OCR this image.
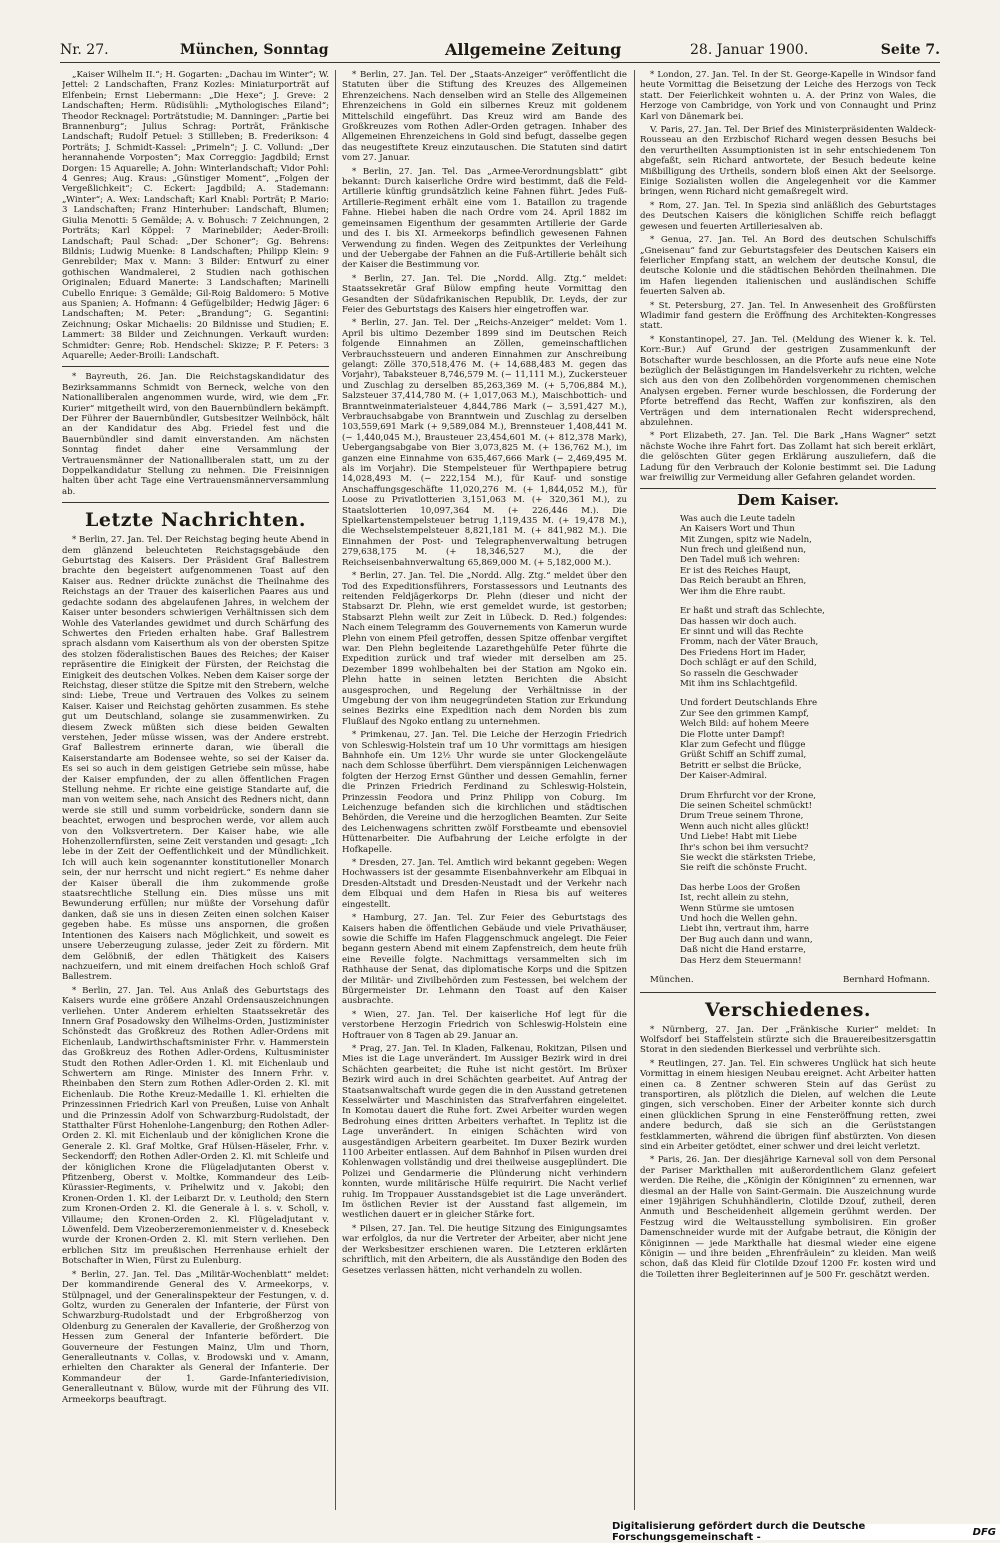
Nr. 27.	München, Sonntag	Allgemeine Zeitung	28. Januar 1900.	Seite 7.

„Kaiser Wilhelm II.“; H. Gogarten: „Dachau im Winter“; W. Jettel: 2 Landschaften, Franz Kozles: Miniaturporträt auf Elfenbein; Ernst Liebermann: „Die Hexe“; J. Greve: 2 Landschaften; Herm. Rüdisühli: „Mythologisches Eiland“; Theodor Recknagel: Porträtstudie; M. Danninger: „Partie bei Brannenburg“; Julius Schrag: Porträt, Fränkische Landschaft; Rudolf Petuel: 3 Stillleben; B. Frederikson: 4 Porträts; J. Schmidt-Kassel: „Primeln“; J. C. Vollund: „Der herannahende Vorposten“; Max Correggio: Jagdbild; Ernst Dorgen: 15 Aquarelle; A. John: Winterlandschaft; Vidor Pohl: 4 Genres; Aug. Kraus: „Günstiger Moment“, „Folgen der Vergeßlichkeit“; C. Eckert: Jagdbild; A. Stademann: „Winter“; A. Wex: Landschaft; Karl Knabl: Porträt; P. Mario: 3 Landschaften; Franz Hinterhuber: Landschaft, Blumen; Giulia Menotti: 5 Gemälde; A. v. Bohusch: 7 Zeichnungen, 2 Porträts; Karl Köppel: 7 Marinebilder; Aeder-Broili: Landschaft; Paul Schad: „Der Schoner“; Gg. Behrens: Bildnis; Ludwig Muenke: 8 Landschaften; Philipp Klein: 9 Genrebilder; Max v. Mann: 3 Bilder: Entwurf zu einer gothischen Wandmalerei, 2 Studien nach gothischen Originalen; Eduard Manerte: 3 Landschaften; Marinelli Cubello Enrique: 3 Gemälde; Gil-Roig Baldomero: 5 Motive aus Spanien; A. Hofmann: 4 Gefügelbilder; Hedwig Jäger: 6 Landschaften; M. Peter: „Brandung“; G. Segantini: Zeichnung; Oskar Michaelis: 20 Bildnisse und Studien; E. Lammert: 38 Bilder und Zeichnungen. Verkauft wurden: Schmidter: Genre; Rob. Hendschel: Skizze; P. F. Peters: 3 Aquarelle; Aeder-Broili: Landschaft.

* Bayreuth, 26. Jan. Die Reichstagskandidatur des Bezirksammanns Schmidt von Berneck, welche von den Nationalliberalen angenommen wurde, wird, wie dem „Fr. Kurier“ mitgetheilt wird, von den Bauernbündlern bekämpft. Der Führer der Bauernbündler, Gutsbesitzer Weilnböck, hält an der Kandidatur des Abg. Friedel fest und die Bauernbündler sind damit einverstanden. Am nächsten Sonntag findet daher eine Versammlung der Vertrauensmänner der Nationalliberalen statt, um zu der Doppelkandidatur Stellung zu nehmen. Die Freisinnigen halten über acht Tage eine Vertrauensmännerversammlung ab.

Letzte Nachrichten.

* Berlin, 27. Jan. Tel. Der Reichstag beging heute Abend in dem glänzend beleuchteten Reichstagsgebäude den Geburtstag des Kaisers. Der Präsident Graf Ballestrem brachte den begeistert aufgenommenen Toast auf den Kaiser aus. Redner drückte zunächst die Theilnahme des Reichstags an der Trauer des kaiserlichen Paares aus und gedachte sodann des abgelaufenen Jahres, in welchem der Kaiser unter besonders schwierigen Verhältnissen sich dem Wohle des Vaterlandes gewidmet und durch Schärfung des Schwertes den Frieden erhalten habe. Graf Ballestrem sprach alsdann vom Kaiserthum als von der obersten Spitze des stolzen föderalistischen Baues des Reiches; der Kaiser repräsentire die Einigkeit der Fürsten, der Reichstag die Einigkeit des deutschen Volkes. Neben dem Kaiser sorge der Reichstag, dieser stütze die Spitze mit den Strebern, welche sind: Liebe, Treue und Vertrauen des Volkes zu seinem Kaiser. Kaiser und Reichstag gehörten zusammen. Es stehe gut um Deutschland, solange sie zusammenwirken. Zu diesem Zweck müßten sich diese beiden Gewalten verstehen, Jeder müsse wissen, was der Andere erstrebt. Graf Ballestrem erinnerte daran, wie überall die Kaiserstandarte am Bodensee wehte, so sei der Kaiser da. Es sei so auch in dem geistigen Getriebe sein müsse, habe der Kaiser empfunden, der zu allen öffentlichen Fragen Stellung nehme. Er richte eine geistige Standarte auf, die man von weitem sehe, nach Ansicht des Redners nicht, dann werde sie still und summ vorbeidrücke, sondern dann sie beachtet, erwogen und besprochen werde, vor allem auch von den Volksvertretern. Der Kaiser habe, wie alle Hohenzollernfürsten, seine Zeit verstanden und gesagt: „Ich lebe in der Zeit der Oeffentlichkeit und der Mündlichkeit. Ich will auch kein sogenannter konstitutioneller Monarch sein, der nur herrscht und nicht regiert.“ Es nehme daher der Kaiser überall die ihm zukommende große staatsrechtliche Stellung ein. Dies müsse uns mit Bewunderung erfüllen; nur müßte der Vorsehung dafür danken, daß sie uns in diesen Zeiten einen solchen Kaiser gegeben habe. Es müsse uns anspornen, die großen Intentionen des Kaisers nach Möglichkeit, und soweit es unsere Ueberzeugung zulasse, jeder Zeit zu fördern. Mit dem Gelöbniß, der edlen Thätigkeit des Kaisers nachzueifern, und mit einem dreifachen Hoch schloß Graf Ballestrem.

* Berlin, 27. Jan. Tel. Aus Anlaß des Geburtstags des Kaisers wurde eine größere Anzahl Ordensauszeichnungen verliehen. Unter Anderem erhielten Staatssekretär des Innern Graf Posadowsky den Wilhelms-Orden, Justizminister Schönstedt das Großkreuz des Rothen Adler-Ordens mit Eichenlaub, Landwirthschaftsminister Frhr. v. Hammerstein das Großkreuz des Rothen Adler-Ordens, Kultusminister Studt den Rothen Adler-Orden 1. Kl. mit Eichenlaub und Schwertern am Ringe. Minister des Innern Frhr. v. Rheinbaben den Stern zum Rothen Adler-Orden 2. Kl. mit Eichenlaub. Die Rothe Kreuz-Medaille 1. Kl. erhielten die Prinzessinnen Friedrich Karl von Preußen, Luise von Anhalt und die Prinzessin Adolf von Schwarzburg-Rudolstadt, der Statthalter Fürst Hohenlohe-Langenburg; den Rothen Adler-Orden 2. Kl. mit Eichenlaub und der königlichen Krone die Generale 2. Kl. Graf Moltke, Graf Hülsen-Häseler, Frhr. v. Seckendorff; den Rothen Adler-Orden 2. Kl. mit Schleife und der königlichen Krone die Flügeladjutanten Oberst v. Pfitzenberg, Oberst v. Moltke, Kommandeur des Leib-Kürassier-Regiments, v. Prihelwitz und v. Jakobi; den Kronen-Orden 1. Kl. der Leibarzt Dr. v. Leuthold; den Stern zum Kronen-Orden 2. Kl. die Generale à l. s. v. Scholl, v. Villaume; den Kronen-Orden 2. Kl. Flügeladjutant v. Löwenfeld. Dem Vizeoberzeremonienmeister v. d. Knesebeck wurde der Kronen-Orden 2. Kl. mit Stern verliehen. Den erblichen Sitz im preußischen Herrenhause erhielt der Botschafter in Wien, Fürst zu Eulenburg.

* Berlin, 27. Jan. Tel. Das „Militär-Wochenblatt“ meldet: Der kommandirende General des V. Armeekorps, v. Stülpnagel, und der Generalinspekteur der Festungen, v. d. Goltz, wurden zu Generalen der Infanterie, der Fürst von Schwarzburg-Rudolstadt und der Erbgroßherzog von Oldenburg zu Generalen der Kavallerie, der Großherzog von Hessen zum General der Infanterie befördert. Die Gouverneure der Festungen Mainz, Ulm und Thorn, Generalleutnants v. Collas, v. Brodowski und v. Amann, erhielten den Charakter als General der Infanterie. Der Kommandeur der 1. Garde-Infanteriedivision, Generalleutnant v. Bülow, wurde mit der Führung des VII. Armeekorps beauftragt.

* Berlin, 27. Jan. Tel. Der „Staats-Anzeiger“ veröffentlicht die Statuten über die Stiftung des Kreuzes des Allgemeinen Ehrenzeichens. Nach denselben wird an Stelle des Allgemeinen Ehrenzeichens in Gold ein silbernes Kreuz mit goldenem Mittelschild eingeführt. Das Kreuz wird am Bande des Großkreuzes vom Rothen Adler-Orden getragen. Inhaber des Allgemeinen Ehrenzeichens in Gold sind befugt, dasselbe gegen das neugestiftete Kreuz einzutauschen. Die Statuten sind datirt vom 27. Januar.

* Berlin, 27. Jan. Tel. Das „Armee-Verordnungsblatt“ gibt bekannt: Durch kaiserliche Ordre wird bestimmt, daß die Feld-Artillerie künftig grundsätzlich keine Fahnen führt. Jedes Fuß-Artillerie-Regiment erhält eine vom 1. Bataillon zu tragende Fahne. Hiebei haben die nach Ordre vom 24. April 1882 im gemeinsamen Eigenthum der gesammten Artillerie der Garde und des I. bis XI. Armeekorps befindlich gewesenen Fahnen Verwendung zu finden. Wegen des Zeitpunktes der Verleihung und der Uebergabe der Fahnen an die Fuß-Artillerie behält sich der Kaiser die Bestimmung vor.

* Berlin, 27. Jan. Tel. Die „Nordd. Allg. Ztg.“ meldet: Staatssekretär Graf Bülow empfing heute Vormittag den Gesandten der Südafrikanischen Republik, Dr. Leyds, der zur Feier des Geburtstags des Kaisers hier eingetroffen war.

* Berlin, 27. Jan. Tel. Der „Reichs-Anzeiger“ meldet: Vom 1. April bis ultimo Dezember 1899 sind im Deutschen Reich folgende Einnahmen an Zöllen, gemeinschaftlichen Verbrauchssteuern und anderen Einnahmen zur Anschreibung gelangt: Zölle 370,518,476 M. (+ 14,688,483 M. gegen das Vorjahr), Tabaksteuer 8,746,579 M. (− 11,111 M.), Zuckersteuer und Zuschlag zu derselben 85,263,369 M. (+ 5,706,884 M.), Salzsteuer 37,414,780 M. (+ 1,017,063 M.), Maischbottich- und Branntweinmaterialsteuer 4,844,786 Mark (− 3,591,427 M.), Verbrauchsabgabe von Branntwein und Zuschlag zu derselben 103,559,691 Mark (+ 9,589,084 M.), Brennsteuer 1,408,441 M. (− 1,440,045 M.), Brausteuer 23,454,601 M. (+ 812,378 Mark), Uebergangsabgabe von Bier 3,073,825 M. (+ 136,762 M.), im ganzen eine Einnahme von 635,467,666 Mark (− 2,469,495 M. als im Vorjahr). Die Stempelsteuer für Werthpapiere betrug 14,028,493 M. (− 222,154 M.), für Kauf- und sonstige Anschaffungsgeschäfte 11,020,276 M. (+ 1,844,052 M.), für Loose zu Privatlotterien 3,151,063 M. (+ 320,361 M.), zu Staatslotterien 10,097,364 M. (+ 226,446 M.). Die Spielkartenstempelsteuer betrug 1,119,435 M. (+ 19,478 M.), die Wechselstempelsteuer 8,821,181 M. (+ 841,982 M.). Die Einnahmen der Post- und Telegraphenverwaltung betrugen 279,638,175 M. (+ 18,346,527 M.), die der Reichseisenbahnverwaltung 65,869,000 M. (+ 5,182,000 M.).

* Berlin, 27. Jan. Tel. Die „Nordd. Allg. Ztg.“ meldet über den Tod des Expeditionsführers, Forstassessors und Leutnants des reitenden Feldjägerkorps Dr. Plehn (dieser und nicht der Stabsarzt Dr. Plehn, wie erst gemeldet wurde, ist gestorben; Stabsarzt Plehn weilt zur Zeit in Lübeck. D. Red.) folgendes: Nach einem Telegramm des Gouvernements von Kamerun wurde Plehn von einem Pfeil getroffen, dessen Spitze offenbar vergiftet war. Den Plehn begleitende Lazarethgehülfe Peter führte die Expedition zurück und traf wieder mit derselben am 25. Dezember 1899 wohlbehalten bei der Station am Ngoko ein. Plehn hatte in seinen letzten Berichten die Absicht ausgesprochen, und Regelung der Verhältnisse in der Umgebung der von ihm neugegründeten Station zur Erkundung seines Bezirks eine Expedition nach dem Norden bis zum Flußlauf des Ngoko entlang zu unternehmen.

* Primkenau, 27. Jan. Tel. Die Leiche der Herzogin Friedrich von Schleswig-Holstein traf um 10 Uhr vormittags am hiesigen Bahnhofe ein. Um 12½ Uhr wurde sie unter Glockengeläute nach dem Schlosse überführt. Dem vierspännigen Leichenwagen folgten der Herzog Ernst Günther und dessen Gemahlin, ferner die Prinzen Friedrich Ferdinand zu Schleswig-Holstein, Prinzessin Feodora und Prinz Philipp von Coburg. Im Leichenzuge befanden sich die kirchlichen und städtischen Behörden, die Vereine und die herzoglichen Beamten. Zur Seite des Leichenwagens schritten zwölf Forstbeamte und ebensoviel Hüttenarbeiter. Die Aufbahrung der Leiche erfolgte in der Hofkapelle.

* Dresden, 27. Jan. Tel. Amtlich wird bekannt gegeben: Wegen Hochwassers ist der gesammte Eisenbahnverkehr am Elbquai in Dresden-Altstadt und Dresden-Neustadt und der Verkehr nach dem Elbquai und dem Hafen in Riesa bis auf weiteres eingestellt.

* Hamburg, 27. Jan. Tel. Zur Feier des Geburtstags des Kaisers haben die öffentlichen Gebäude und viele Privathäuser, sowie die Schiffe im Hafen Flaggenschmuck angelegt. Die Feier begann gestern Abend mit einem Zapfenstreich, dem heute früh eine Reveille folgte. Nachmittags versammelten sich im Rathhause der Senat, das diplomatische Korps und die Spitzen der Militär- und Zivilbehörden zum Festessen, bei welchem der Bürgermeister Dr. Lehmann den Toast auf den Kaiser ausbrachte.

* Wien, 27. Jan. Tel. Der kaiserliche Hof legt für die verstorbene Herzogin Friedrich von Schleswig-Holstein eine Hoftrauer von 8 Tagen ab 29. Januar an.

* Prag, 27. Jan. Tel. In Kladen, Falkenau, Rokitzan, Pilsen und Mies ist die Lage unverändert. Im Aussiger Bezirk wird in drei Schächten gearbeitet; die Ruhe ist nicht gestört. Im Brüxer Bezirk wird auch in drei Schächten gearbeitet. Auf Antrag der Staatsanwaltschaft wurde gegen die in den Ausstand getretenen Kesselwärter und Maschinisten das Strafverfahren eingeleitet. In Komotau dauert die Ruhe fort. Zwei Arbeiter wurden wegen Bedrohung eines dritten Arbeiters verhaftet. In Teplitz ist die Lage unverändert. In einigen Schächten wird von ausgeständigen Arbeitern gearbeitet. Im Duxer Bezirk wurden 1100 Arbeiter entlassen. Auf dem Bahnhof in Pilsen wurden drei Kohlenwagen vollständig und drei theilweise ausgeplündert. Die Polizei und Gendarmerie die Plünderung nicht verhindern konnten, wurde militärische Hülfe requirirt. Die Nacht verlief ruhig. Im Troppauer Ausstandsgebiet ist die Lage unverändert. Im östlichen Revier ist der Ausstand fast allgemein, im westlichen dauert er in gleicher Stärke fort.

* Pilsen, 27. Jan. Tel. Die heutige Sitzung des Einigungsamtes war erfolglos, da nur die Vertreter der Arbeiter, aber nicht jene der Werksbesitzer erschienen waren. Die Letzteren erklärten schriftlich, mit den Arbeitern, die als Ausständige den Boden des Gesetzes verlassen hätten, nicht verhandeln zu wollen.

* London, 27. Jan. Tel. In der St. George-Kapelle in Windsor fand heute Vormittag die Beisetzung der Leiche des Herzogs von Teck statt. Der Feierlichkeit wohnten u. A. der Prinz von Wales, die Herzoge von Cambridge, von York und von Connaught und Prinz Karl von Dänemark bei.

V. Paris, 27. Jan. Tel. Der Brief des Ministerpräsidenten Waldeck-Rousseau an den Erzbischof Richard wegen dessen Besuchs bei den verurtheilten Assumptionisten ist in sehr entschiedenem Ton abgefaßt, sein Richard antwortete, der Besuch bedeute keine Mißbilligung des Urtheils, sondern bloß einen Akt der Seelsorge. Einige Sozialisten wollen die Angelegenheit vor die Kammer bringen, wenn Richard nicht gemaßregelt wird.

* Rom, 27. Jan. Tel. In Spezia sind anläßlich des Geburtstages des Deutschen Kaisers die königlichen Schiffe reich beflaggt gewesen und feuerten Artilleriesalven ab.

* Genua, 27. Jan. Tel. An Bord des deutschen Schulschiffs „Gneisenau“ fand zur Geburtstagsfeier des Deutschen Kaisers ein feierlicher Empfang statt, an welchem der deutsche Konsul, die deutsche Kolonie und die städtischen Behörden theilnahmen. Die im Hafen liegenden italienischen und ausländischen Schiffe feuerten Salven ab.

* St. Petersburg, 27. Jan. Tel. In Anwesenheit des Großfürsten Wladimir fand gestern die Eröffnung des Architekten-Kongresses statt.

* Konstantinopel, 27. Jan. Tel. (Meldung des Wiener k. k. Tel. Korr.-Bur.) Auf Grund der gestrigen Zusammenkunft der Botschafter wurde beschlossen, an die Pforte aufs neue eine Note bezüglich der Belästigungen im Handelsverkehr zu richten, welche sich aus den von den Zollbehörden vorgenommenen chemischen Analysen ergeben. Ferner wurde beschlossen, die Forderung der Pforte betreffend das Recht, Waffen zur konfisziren, als den Verträgen und dem internationalen Recht widersprechend, abzulehnen.

* Port Elizabeth, 27. Jan. Tel. Die Bark „Hans Wagner“ setzt nächste Woche ihre Fahrt fort. Das Zollamt hat sich bereit erklärt, die gelöschten Güter gegen Erklärung auszuliefern, daß die Ladung für den Verbrauch der Kolonie bestimmt sei. Die Ladung war freiwillig zur Vermeidung aller Gefahren gelandet worden.

Dem Kaiser.
Was auch die Leute tadeln
An Kaisers Wort und Thun
Mit Zungen, spitz wie Nadeln,
Nun frech und gleißend nun,
Den Tadel muß ich wehren:
Er ist des Reiches Haupt,
Das Reich beraubt an Ehren,
Wer ihm die Ehre raubt.
Er haßt und straft das Schlechte,
Das hassen wir doch auch.
Er sinnt und will das Rechte
Fromm, nach der Väter Brauch,
Des Friedens Hort im Hader,
Doch schlägt er auf den Schild,
So rasseln die Geschwader
Mit ihm ins Schlachtgefild.
Und fordert Deutschlands Ehre
Zur See den grimmen Kampf,
Welch Bild: auf hohem Meere
Die Flotte unter Dampf!
Klar zum Gefecht und flügge
Grüßt Schiff an Schiff zumal,
Betritt er selbst die Brücke,
Der Kaiser-Admiral.
Drum Ehrfurcht vor der Krone,
Die seinen Scheitel schmückt!
Drum Treue seinem Throne,
Wenn auch nicht alles glückt!
Und Liebe! Habt mit Liebe
Ihr's schon bei ihm versucht?
Sie weckt die stärksten Triebe,
Sie reift die schönste Frucht.
Das herbe Loos der Großen
Ist, recht allein zu stehn,
Wenn Stürme sie umtosen
Und hoch die Wellen gehn.
Liebt ihn, vertraut ihm, harre
Der Bug auch dann und wann,
Daß nicht die Hand erstarre,
Das Herz dem Steuermann!
München.	Bernhard Hofmann.

Verschiedenes.

* Nürnberg, 27. Jan. Der „Fränkische Kurier“ meldet: In Wolfsdorf bei Staffelstein stürzte sich die Brauereibesitzersgattin Storat in den siedenden Bierkessel und verbrühte sich.

* Reutlingen, 27. Jan. Tel. Ein schweres Unglück hat sich heute Vormittag in einem hiesigen Neubau ereignet. Acht Arbeiter hatten einen ca. 8 Zentner schweren Stein auf das Gerüst zu transportiren, als plötzlich die Dielen, auf welchen die Leute gingen, sich verschoben. Einer der Arbeiter konnte sich durch einen glücklichen Sprung in eine Fensteröffnung retten, zwei andere bedurch, daß sie sich an die Gerüststangen festklammerten, während die übrigen fünf abstürzten. Von diesen sind ein Arbeiter getödtet, einer schwer und drei leicht verletzt.

* Paris, 26. Jan. Der diesjährige Karneval soll von dem Personal der Pariser Markthallen mit außerordentlichem Glanz gefeiert werden. Die Reihe, die „Königin der Königinnen“ zu ernennen, war diesmal an der Halle von Saint-Germain. Die Auszeichnung wurde einer 19jährigen Schuhhändlerin, Clotilde Dzouf, zutheil, deren Anmuth und Bescheidenheit allgemein gerühmt werden. Der Festzug wird die Weltausstellung symbolisiren. Ein großer Damenschneider wurde mit der Aufgabe betraut, die Königin der Königinnen — jede Markthalle hat diesmal wieder eine eigene Königin — und ihre beiden „Ehrenfräulein“ zu kleiden. Man weiß schon, daß das Kleid für Clotilde Dzouf 1200 Fr. kosten wird und die Toiletten ihrer Begleiterinnen auf je 500 Fr. geschätzt werden.

Digitalisierung gefördert durch die Deutsche Forschungsgemeinschaft -	DFG
